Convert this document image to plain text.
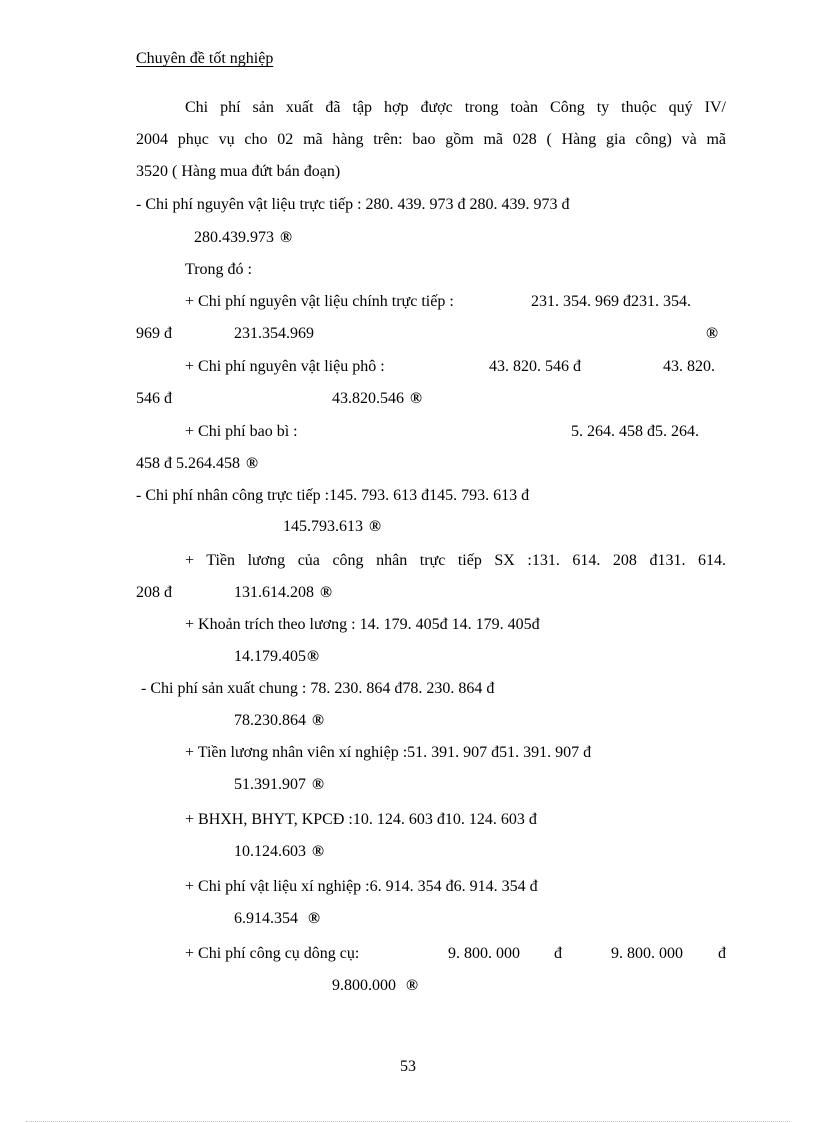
Chuyên đề tốt nghiệp
Chi phí sản xuất đã tập hợp được trong toàn Công ty thuộc quý IV/
2004 phục vụ cho 02 mã hàng trên: bao gồm mã 028 ( Hàng gia công) và mã
3520 ( Hàng mua đứt bán đoạn)
- Chi phí nguyên vật liệu trực tiếp : 280. 439. 973 đ 280. 439. 973 đ
280.439.973 ®
Trong đó :
+ Chi phí nguyên vật liệu chính trực tiếp :	231. 354. 969 đ231. 354.
969 đ	231.354.969	®
+ Chi phí nguyên vật liệu phô :	43. 820. 546 đ	43. 820.
546 đ	43.820.546 ®
+ Chi phí bao bì :	5. 264. 458 đ5. 264.
458 đ 5.264.458 ®
- Chi phí nhân công trực tiếp :145. 793. 613 đ145. 793. 613 đ
145.793.613 ®
+ Tiền lương của công nhân trực tiếp SX :131. 614. 208 đ131. 614.
208 đ	131.614.208 ®
+ Khoản trích theo lương : 14. 179. 405đ 14. 179. 405đ
14.179.405®
- Chi phí sản xuất chung : 78. 230. 864 đ78. 230. 864 đ
78.230.864 ®
+ Tiền lương nhân viên xí nghiệp :51. 391. 907 đ51. 391. 907 đ
51.391.907 ®
+ BHXH, BHYT, KPCĐ :10. 124. 603 đ10. 124. 603 đ
10.124.603 ®
+ Chi phí vật liệu xí nghiệp :6. 914. 354 đ6. 914. 354 đ
6.914.354 ®
+ Chi phí công cụ dông cụ:	9. 800. 000 đ	9. 800. 000 đ
9.800.000 ®
53
